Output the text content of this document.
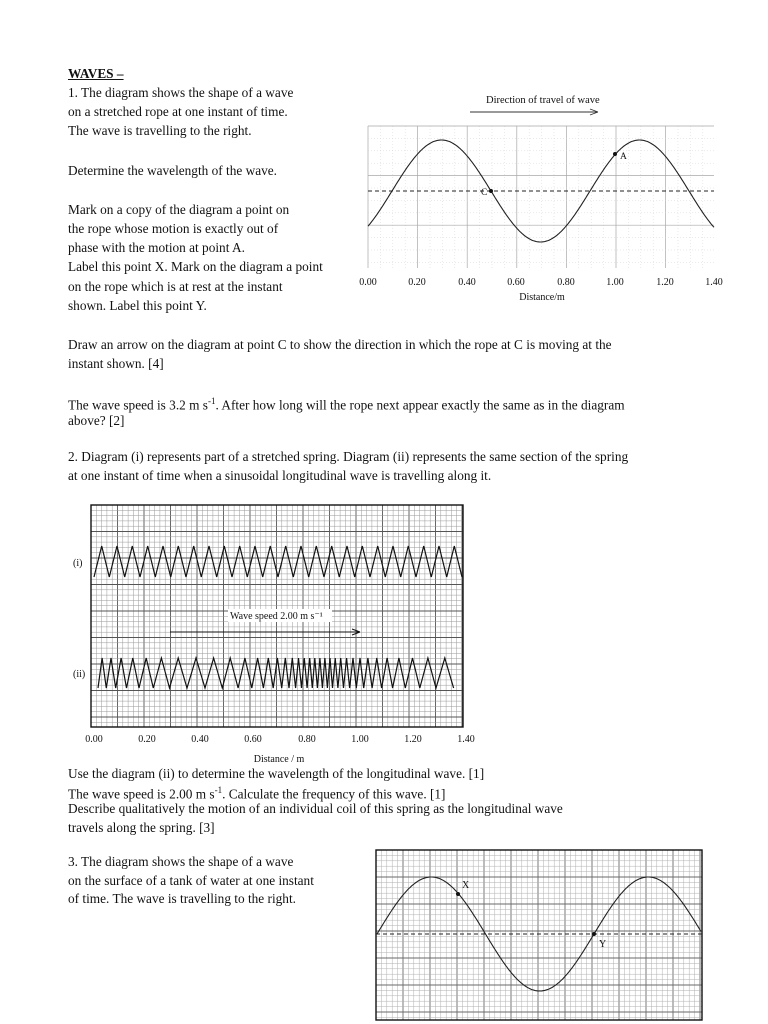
WAVES –
1. The diagram shows the shape of a wave
on a stretched rope at one instant of time.
The wave is travelling to the right.
Determine the wavelength of the wave.
Mark on a copy of the diagram a point on
the rope whose motion is exactly out of
phase with the motion at point A.
Label this point X. Mark on the diagram a point
on the rope which is at rest at the instant
shown. Label this point Y.
Draw an arrow on the diagram at point C to show the direction in which the rope at C is moving at the
instant shown. [4]
The wave speed is 3.2 m $s^{-1}$. After how long will the rope next appear exactly the same as in the diagram
above? [2]
Direction of travel of wave
A
C
0.00	0.20	0.40	0.60	0.80	1.00	1.20	1.40
Distance/m
2. Diagram (i) represents part of a stretched spring. Diagram (ii) represents the same section of the spring
at one instant of time when a sinusoidal longitudinal wave is travelling along it.
(i)
(ii)
Wave speed 2.00 m s⁻¹
0.00	0.20	0.40	0.60	0.80	1.00	1.20	1.40
Distance / m
Use the diagram (ii) to determine the wavelength of the longitudinal wave. [1]
The wave speed is 2.00 m $s^{-1}$. Calculate the frequency of this wave. [1]
Describe qualitatively the motion of an individual coil of this spring as the longitudinal wave
travels along the spring. [3]
3. The diagram shows the shape of a wave
on the surface of a tank of water at one instant
of time. The wave is travelling to the right.
X
Y
